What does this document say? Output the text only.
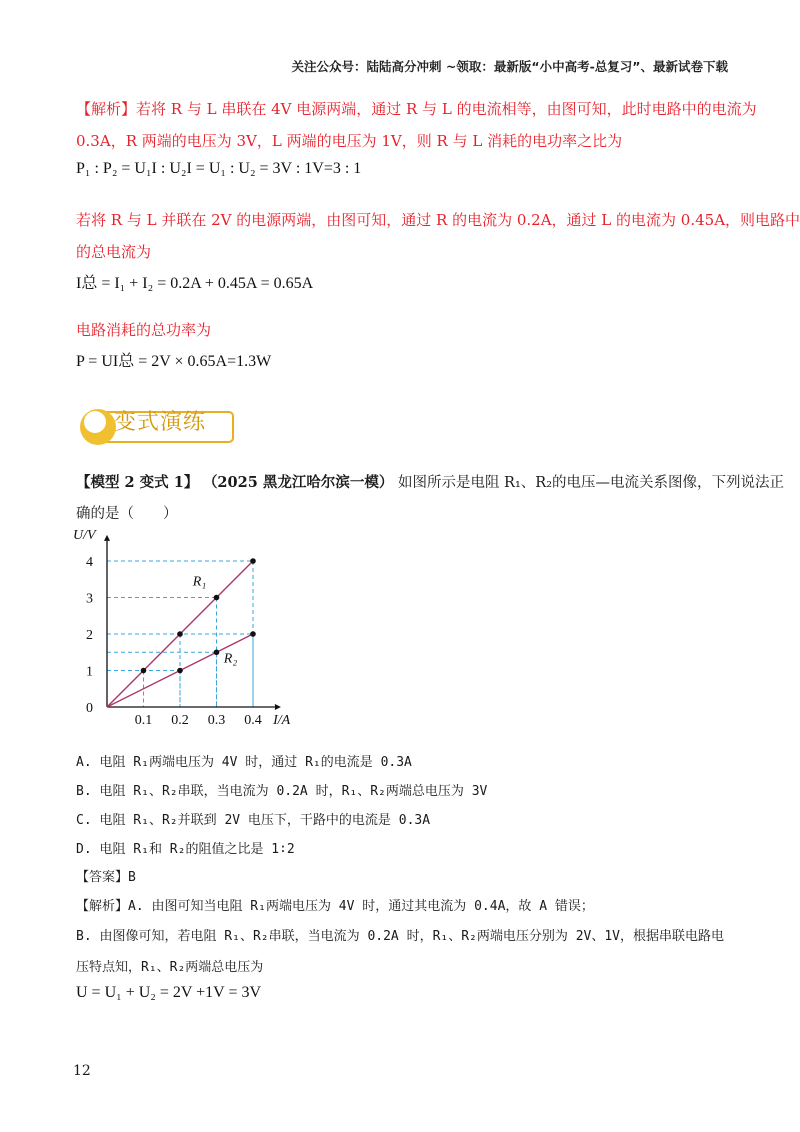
关注公众号：陆陆高分冲刺 ~领取：最新版“小中高考-总复习”、最新试卷下载
【解析】若将 R 与 L 串联在 4V 电源两端，通过 R 与 L 的电流相等，由图可知，此时电路中的电流为
0.3A，R 两端的电压为 3V，L 两端的电压为 1V，则 R 与 L 消耗的电功率之比为
P₁ : P₂ = U₁I : U₂I = U₁ : U₂ = 3V : 1V=3 : 1
若将 R 与 L 并联在 2V 的电源两端，由图可知，通过 R 的电流为 0.2A，通过 L 的电流为 0.45A，则电路中
的总电流为
I总 = I₁ + I₂ = 0.2A + 0.45A = 0.65A
电路消耗的总功率为
P = UI总 = 2V × 0.65A=1.3W
变式演练
【模型 2 变式 1】 （2025 黑龙江哈尔滨一模） 如图所示是电阻 R₁、R₂的电压—电流关系图像，下列说法正
确的是（　　）
0.1 0.2 0.3 0.4
1
2
3
4
0
I/A
U/V
R₁
R₂
A. 电阻 R₁两端电压为 4V 时，通过 R₁的电流是 0.3A
B. 电阻 R₁、R₂串联，当电流为 0.2A 时，R₁、R₂两端总电压为 3V
C. 电阻 R₁、R₂并联到 2V 电压下，干路中的电流是 0.3A
D. 电阻 R₁和 R₂的阻值之比是 1∶2
【答案】B
【解析】A. 由图可知当电阻 R₁两端电压为 4V 时，通过其电流为 0.4A，故 A 错误；
B. 由图像可知，若电阻 R₁、R₂串联，当电流为 0.2A 时，R₁、R₂两端电压分别为 2V、1V，根据串联电路电
压特点知，R₁、R₂两端总电压为
U = U₁ + U₂ = 2V +1V = 3V
12
